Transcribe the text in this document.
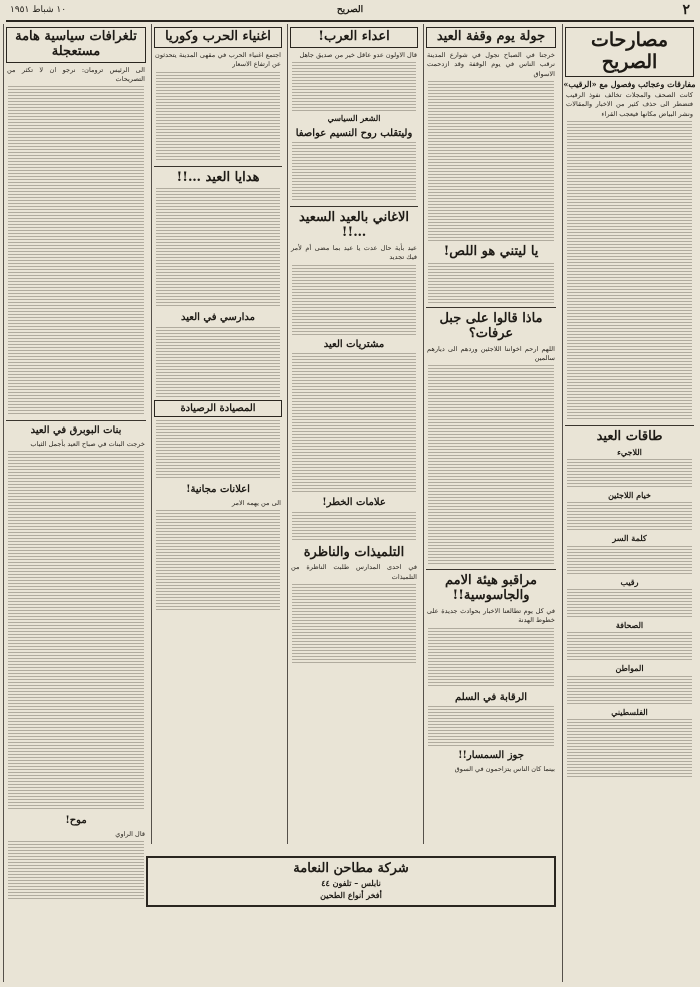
٢
الصريح
١٠ شباط ١٩٥١
مصارحات الصريح
مفارقات وعجائب وفصول مع «الرقيب»
كانت الصحف والمجلات تخالف نفوذ الرقيب فتضطر الى حذف كثير من الاخبار والمقالات ونشر البياض مكانها فيعجب القراء
طاقات العيد
اللاجيء
خيام اللاجئين
كلمة السر
رقيب
الصحافة
المواطن
الفلسطيني
جولة يوم وقفة العيد
خرجنا في الصباح نجول في شوارع المدينة نرقب الناس في يوم الوقفة وقد ازدحمت الاسواق
يا ليتني هو اللص!
ماذا قالوا على جبل عرفات؟
اللهم ارحم اخواننا اللاجئين وردهم الى ديارهم سالمين
مراقبو هيئة الامم والجاسوسية!!
في كل يوم تطالعنا الاخبار بحوادث جديدة على خطوط الهدنة
الرقابة في السلم
جوز السمسار!!
بينما كان الناس يتزاحمون في السوق
اعداء العرب!
قال الاولون عدو عاقل خير من صديق جاهل
الشعر السياسي
وليتقلب روح النسيم عواصفا
الاغاني بالعيد السعيد …!!
عيد بأية حال عدت يا عيد بما مضى أم لأمر فيك تجديد
مشتريات العيد
علامات الخطر!
التلميذات والناظرة
في احدى المدارس طلبت الناظرة من التلميذات
اغنياء الحرب وكوريا
اجتمع اغنياء الحرب في مقهى المدينة يتحدثون عن ارتفاع الاسعار
هدايا العيد …!!
مدارسي في العيد
المصيادة الرصيادة
اعلانات مجانية!
الى من يهمه الامر
تلغرافات سياسية هامة مستعجلة
الى الرئيس ترومان: نرجو ان لا تكثر من التصريحات
بنات البوبرق في العيد
خرجت البنات في صباح العيد بأجمل الثياب
موح!
قال الراوي
شركة مطاحن النعامة
نابلس – تلفون ٤٤
أفخر أنواع الطحين
